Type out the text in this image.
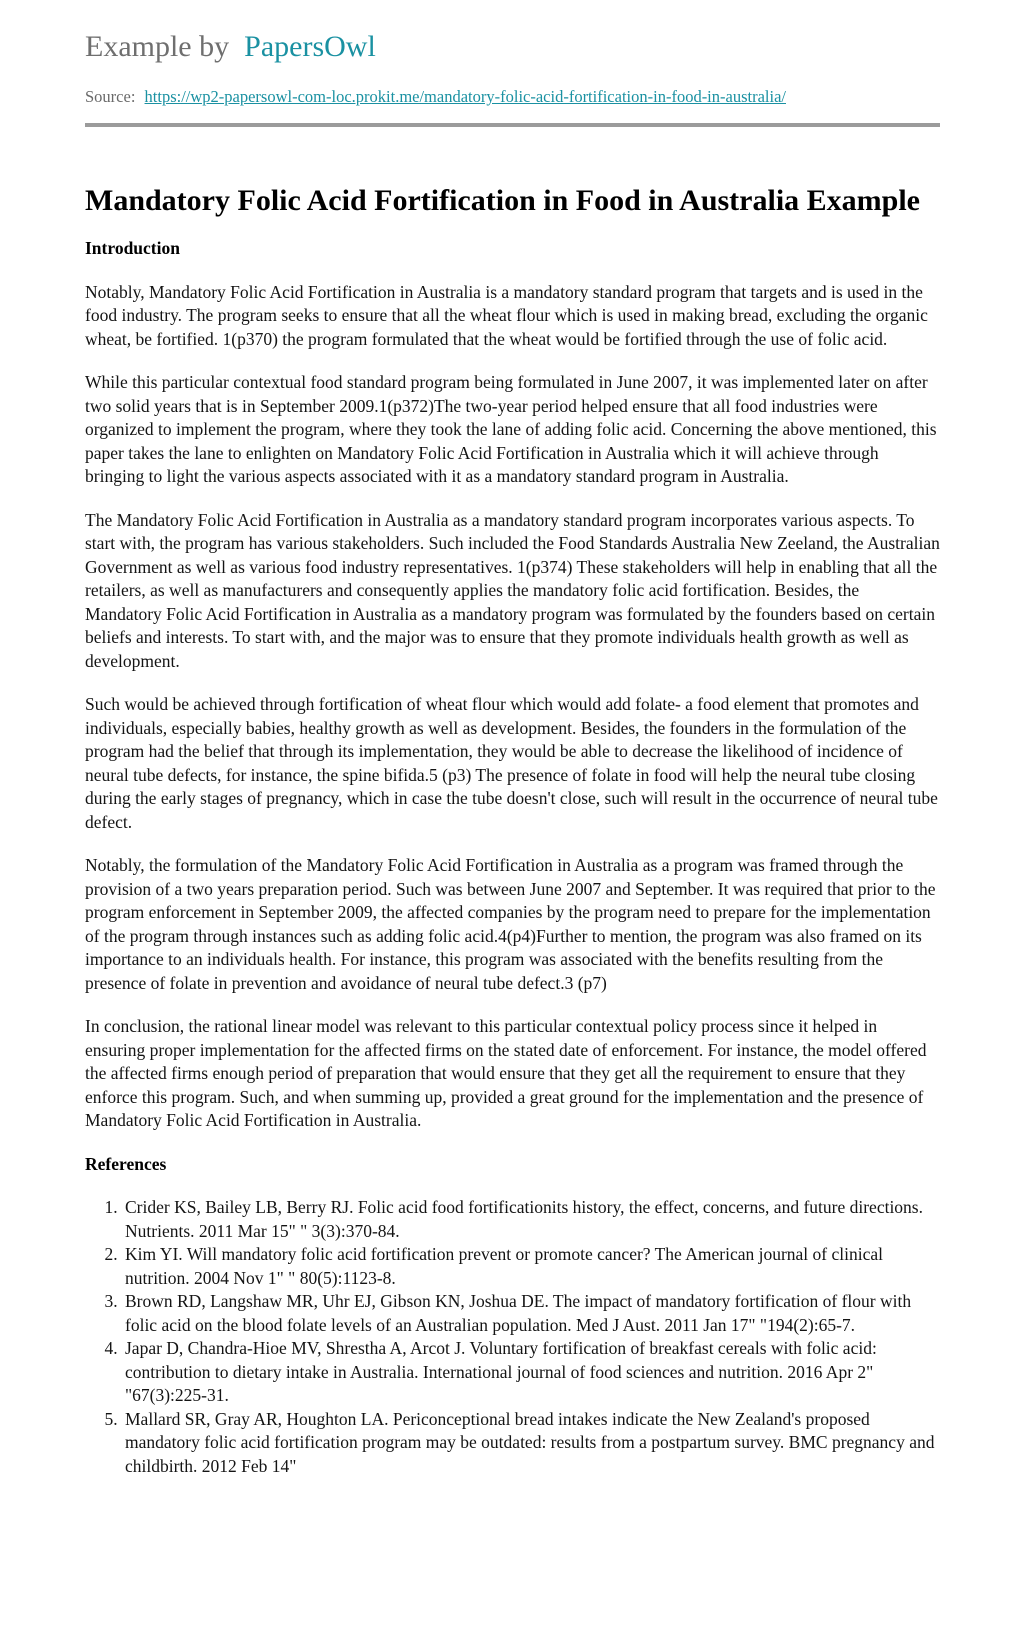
Example by PapersOwl
Source: https://wp2-papersowl-com-loc.prokit.me/mandatory-folic-acid-fortification-in-food-in-australia/
Mandatory Folic Acid Fortification in Food in Australia Example
Introduction

Notably, Mandatory Folic Acid Fortification in Australia is a mandatory standard program that targets and is used in the food industry. The program seeks to ensure that all the wheat flour which is used in making bread, excluding the organic wheat, be fortified. 1(p370) the program formulated that the wheat would be fortified through the use of folic acid.

While this particular contextual food standard program being formulated in June 2007, it was implemented later on after two solid years that is in September 2009.1(p372)The two-year period helped ensure that all food industries were organized to implement the program, where they took the lane of adding folic acid. Concerning the above mentioned, this paper takes the lane to enlighten on Mandatory Folic Acid Fortification in Australia which it will achieve through bringing to light the various aspects associated with it as a mandatory standard program in Australia.

The Mandatory Folic Acid Fortification in Australia as a mandatory standard program incorporates various aspects. To start with, the program has various stakeholders. Such included the Food Standards Australia New Zeeland, the Australian Government as well as various food industry representatives. 1(p374) These stakeholders will help in enabling that all the retailers, as well as manufacturers and consequently applies the mandatory folic acid fortification. Besides, the Mandatory Folic Acid Fortification in Australia as a mandatory program was formulated by the founders based on certain beliefs and interests. To start with, and the major was to ensure that they promote individuals health growth as well as development.

Such would be achieved through fortification of wheat flour which would add folate- a food element that promotes and individuals, especially babies, healthy growth as well as development. Besides, the founders in the formulation of the program had the belief that through its implementation, they would be able to decrease the likelihood of incidence of neural tube defects, for instance, the spine bifida.5 (p3) The presence of folate in food will help the neural tube closing during the early stages of pregnancy, which in case the tube doesn't close, such will result in the occurrence of neural tube defect.

Notably, the formulation of the Mandatory Folic Acid Fortification in Australia as a program was framed through the provision of a two years preparation period. Such was between June 2007 and September. It was required that prior to the program enforcement in September 2009, the affected companies by the program need to prepare for the implementation of the program through instances such as adding folic acid.4(p4)Further to mention, the program was also framed on its importance to an individuals health. For instance, this program was associated with the benefits resulting from the presence of folate in prevention and avoidance of neural tube defect.3 (p7)

In conclusion, the rational linear model was relevant to this particular contextual policy process since it helped in ensuring proper implementation for the affected firms on the stated date of enforcement. For instance, the model offered the affected firms enough period of preparation that would ensure that they get all the requirement to ensure that they enforce this program. Such, and when summing up, provided a great ground for the implementation and the presence of Mandatory Folic Acid Fortification in Australia.

References
1. Crider KS, Bailey LB, Berry RJ. Folic acid food fortificationits history, the effect, concerns, and future directions. Nutrients. 2011 Mar 15" " 3(3):370-84.
2. Kim YI. Will mandatory folic acid fortification prevent or promote cancer? The American journal of clinical nutrition. 2004 Nov 1" " 80(5):1123-8.
3. Brown RD, Langshaw MR, Uhr EJ, Gibson KN, Joshua DE. The impact of mandatory fortification of flour with folic acid on the blood folate levels of an Australian population. Med J Aust. 2011 Jan 17" "194(2):65-7.
4. Japar D, Chandra-Hioe MV, Shrestha A, Arcot J. Voluntary fortification of breakfast cereals with folic acid: contribution to dietary intake in Australia. International journal of food sciences and nutrition. 2016 Apr 2" "67(3):225-31.
5. Mallard SR, Gray AR, Houghton LA. Periconceptional bread intakes indicate the New Zealand's proposed mandatory folic acid fortification program may be outdated: results from a postpartum survey. BMC pregnancy and childbirth. 2012 Feb 14"
